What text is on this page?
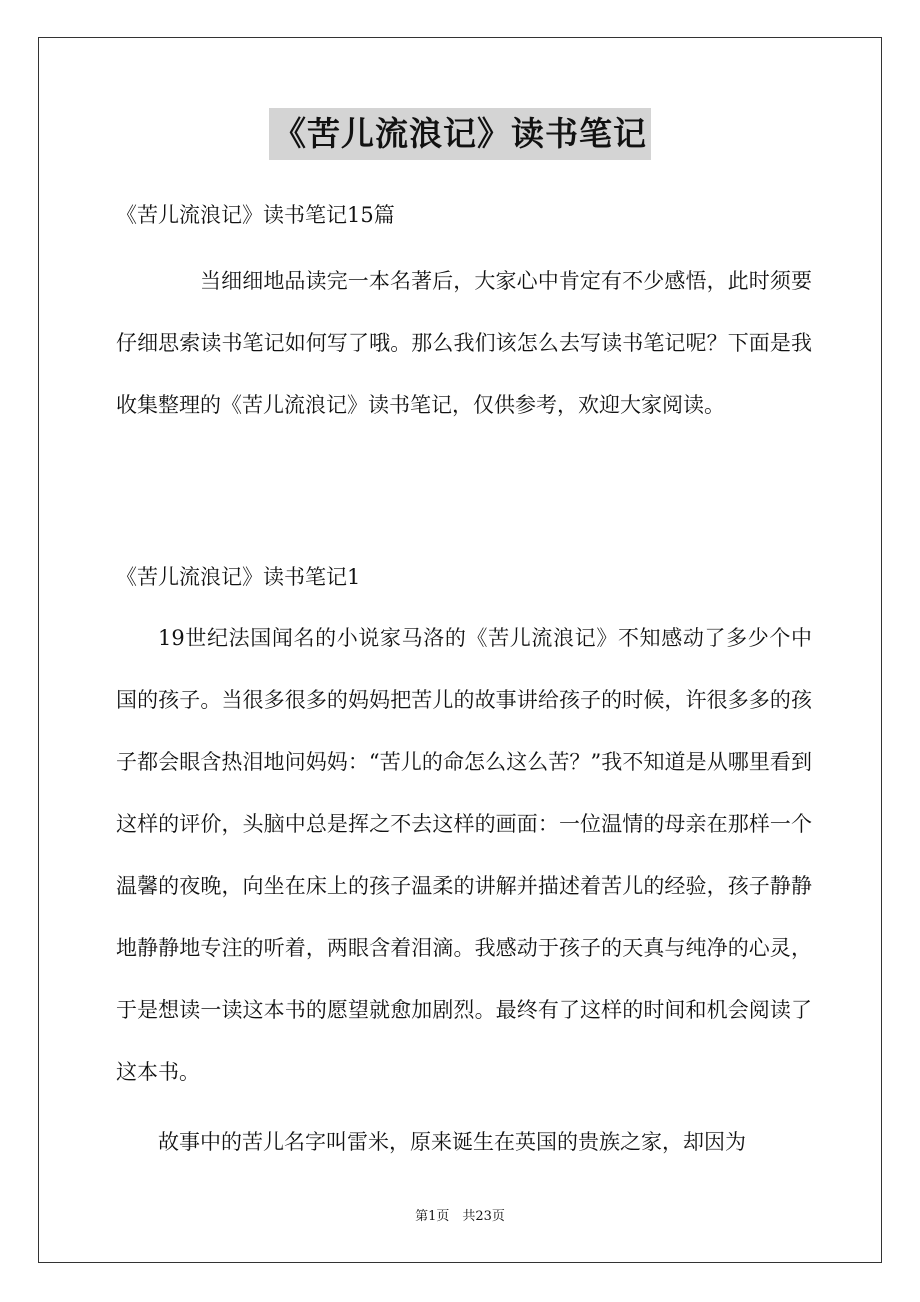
《苦儿流浪记》读书笔记
《苦儿流浪记》读书笔记15篇

当细细地品读完一本名著后，大家心中肯定有不少感悟，此时须要仔细思索读书笔记如何写了哦。那么我们该怎么去写读书笔记呢？下面是我收集整理的《苦儿流浪记》读书笔记，仅供参考，欢迎大家阅读。

《苦儿流浪记》读书笔记1

19世纪法国闻名的小说家马洛的《苦儿流浪记》不知感动了多少个中国的孩子。当很多很多的妈妈把苦儿的故事讲给孩子的时候，许很多多的孩子都会眼含热泪地问妈妈：“苦儿的命怎么这么苦？”我不知道是从哪里看到这样的评价，头脑中总是挥之不去这样的画面：一位温情的母亲在那样一个温馨的夜晚，向坐在床上的孩子温柔的讲解并描述着苦儿的经验，孩子静静地静静地专注的听着，两眼含着泪滴。我感动于孩子的天真与纯净的心灵，于是想读一读这本书的愿望就愈加剧烈。最终有了这样的时间和机会阅读了这本书。

故事中的苦儿名字叫雷米，原来诞生在英国的贵族之家，却因为

第1页　共23页
